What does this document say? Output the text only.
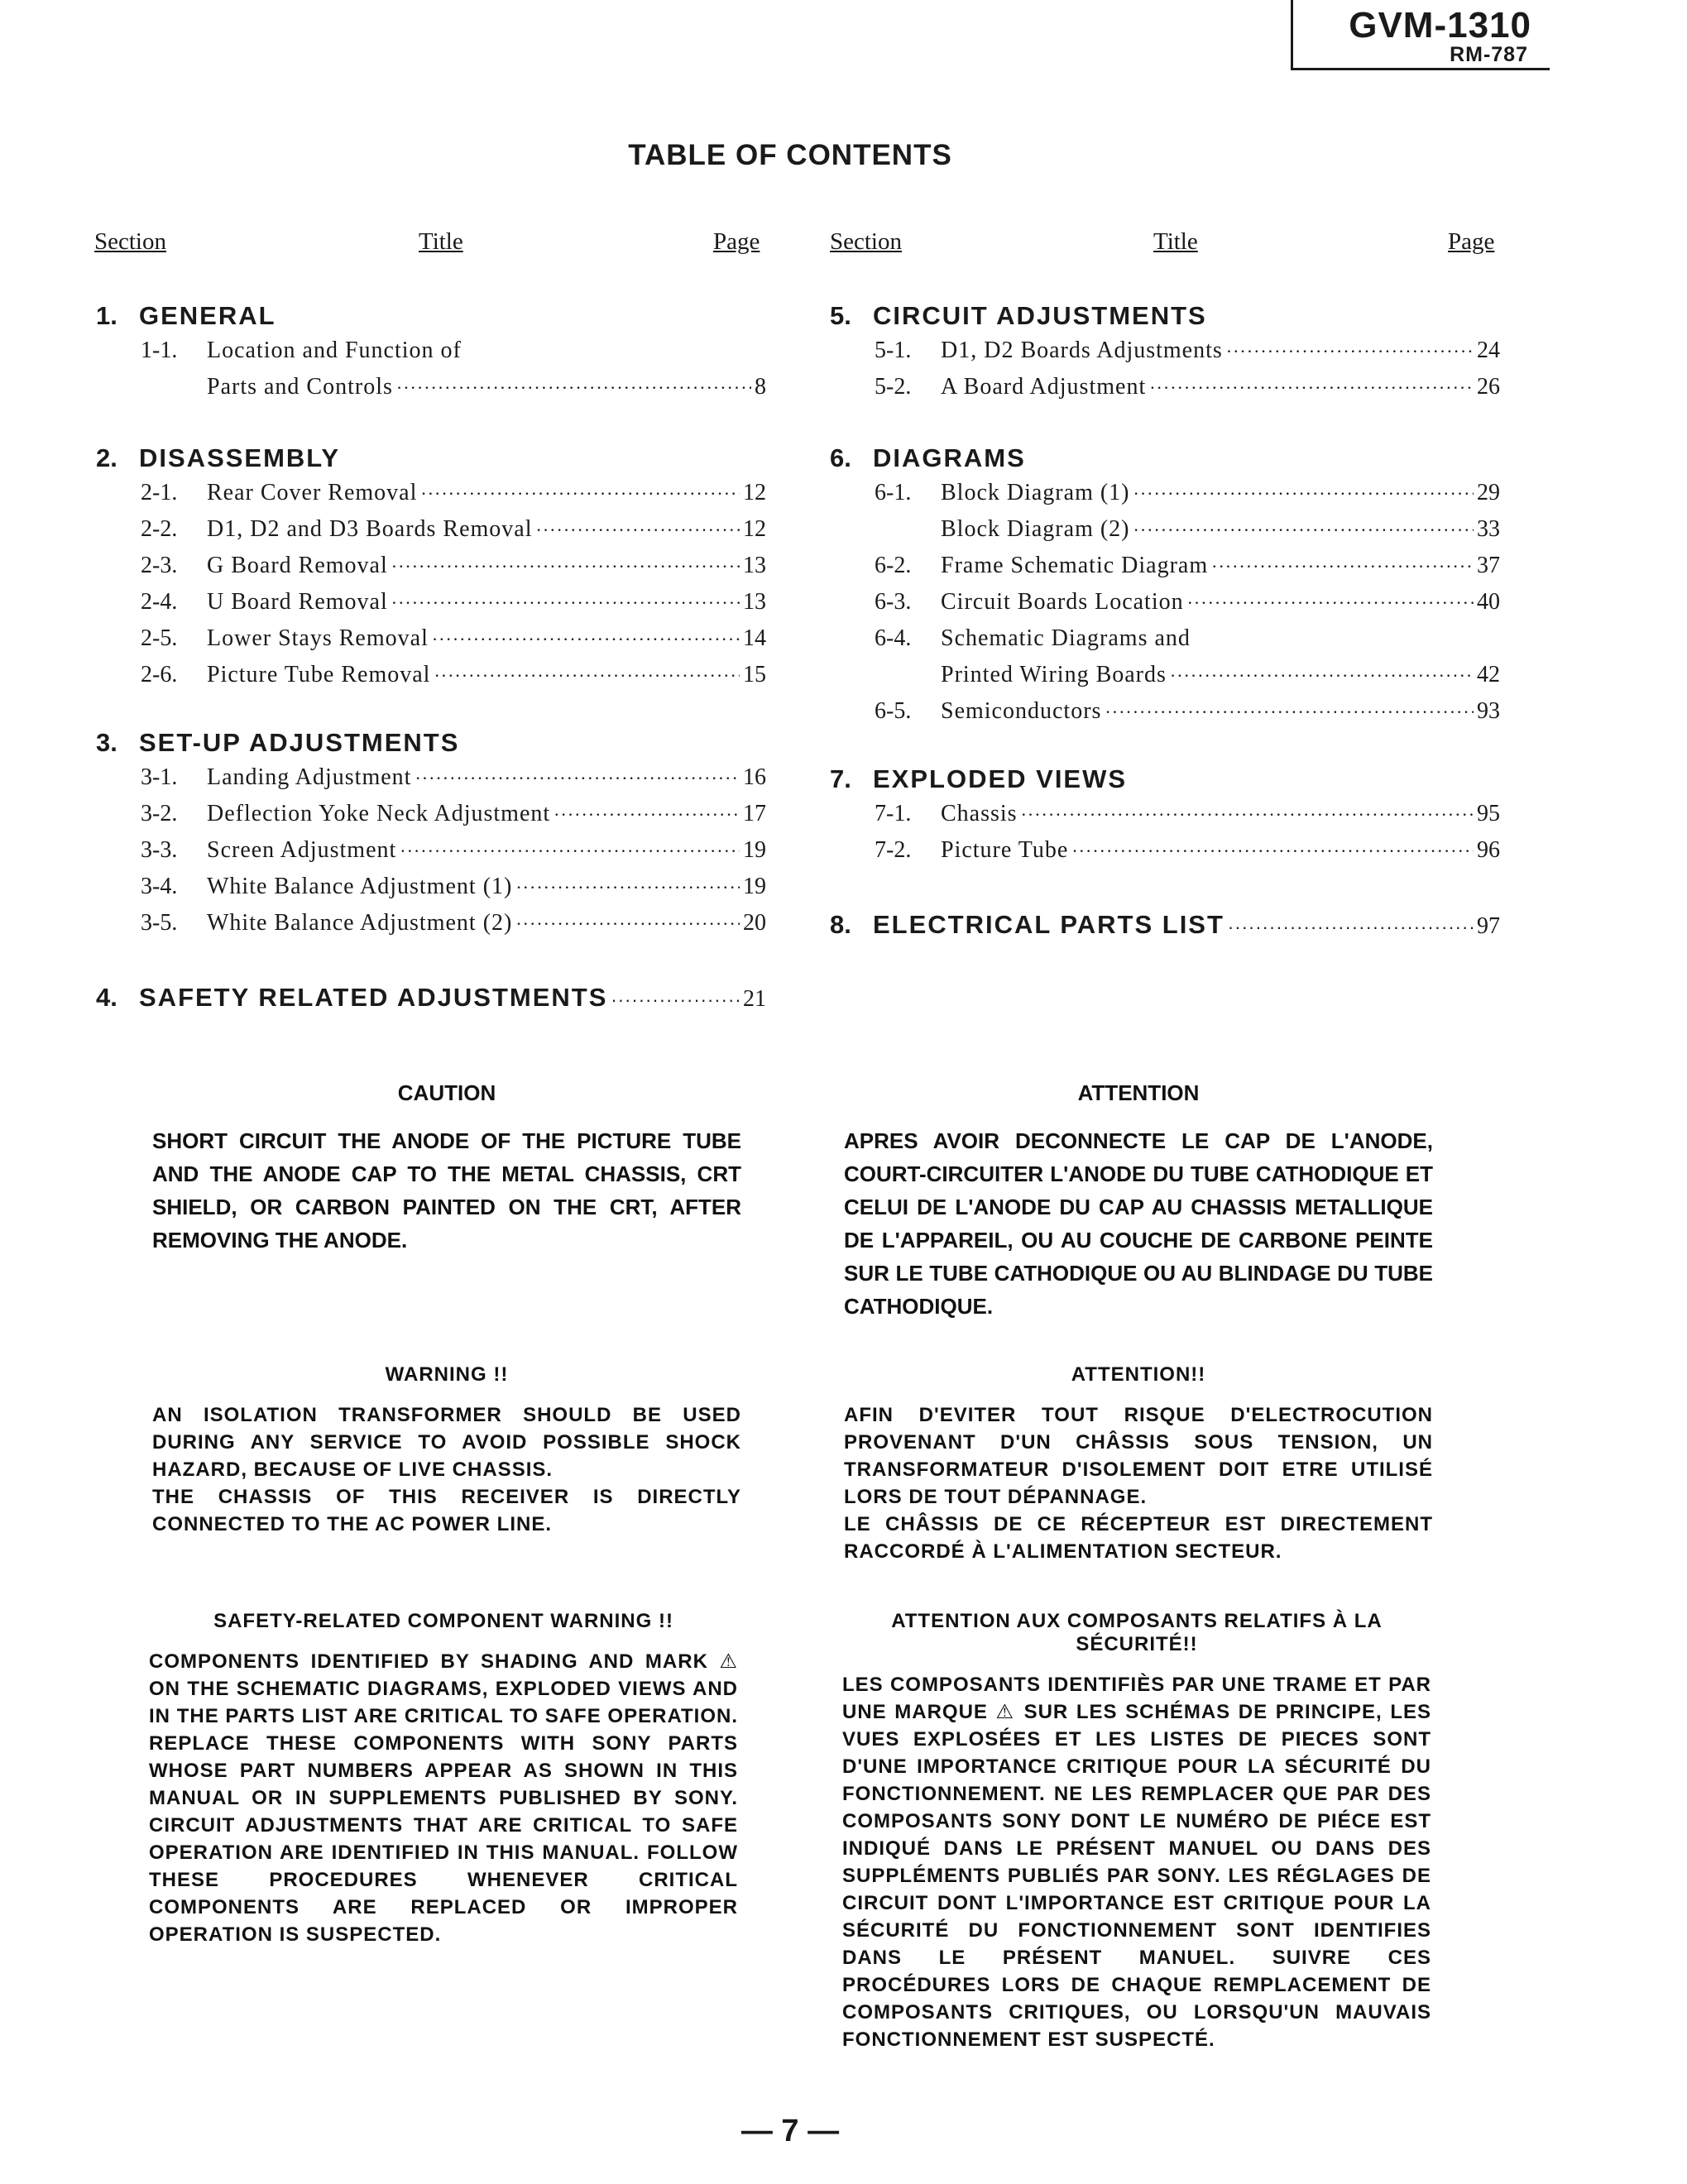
GVM-1310
RM-787
TABLE OF CONTENTS
Section	Title	Page	Section	Title	Page
1. GENERAL
1-1.	Location and Function of
Parts and Controls ·····	8
2. DISASSEMBLY
2-1.	Rear Cover Removal ·····	12
2-2.	D1, D2 and D3 Boards Removal ·····	12
2-3.	G Board Removal ·····	13
2-4.	U Board Removal ·····	13
2-5.	Lower Stays Removal ·····	14
2-6.	Picture Tube Removal ·····	15
3. SET-UP ADJUSTMENTS
3-1.	Landing Adjustment ·····	16
3-2.	Deflection Yoke Neck Adjustment ·····	17
3-3.	Screen Adjustment ·····	19
3-4.	White Balance Adjustment (1) ·····	19
3-5.	White Balance Adjustment (2) ·····	20
4. SAFETY RELATED ADJUSTMENTS ·····	21
5. CIRCUIT ADJUSTMENTS
5-1.	D1, D2 Boards Adjustments ·····	24
5-2.	A Board Adjustment ·····	26
6. DIAGRAMS
6-1.	Block Diagram (1) ·····	29
Block Diagram (2) ·····	33
6-2.	Frame Schematic Diagram ·····	37
6-3.	Circuit Boards Location ·····	40
6-4.	Schematic Diagrams and
Printed Wiring Boards ·····	42
6-5.	Semiconductors ·····	93
7. EXPLODED VIEWS
7-1.	Chassis ·····	95
7-2.	Picture Tube ·····	96
8. ELECTRICAL PARTS LIST ·····	97
CAUTION
SHORT CIRCUIT THE ANODE OF THE PICTURE TUBE AND THE ANODE CAP TO THE METAL CHASSIS, CRT SHIELD, OR CARBON PAINTED ON THE CRT, AFTER REMOVING THE ANODE.
ATTENTION
APRES AVOIR DECONNECTE LE CAP DE L'ANODE, COURT-CIRCUITER L'ANODE DU TUBE CATHODIQUE ET CELUI DE L'ANODE DU CAP AU CHASSIS METALLIQUE DE L'APPAREIL, OU AU COUCHE DE CARBONE PEINTE SUR LE TUBE CATHODIQUE OU AU BLINDAGE DU TUBE CATHODIQUE.
WARNING !!
AN ISOLATION TRANSFORMER SHOULD BE USED DURING ANY SERVICE TO AVOID POSSIBLE SHOCK HAZARD, BECAUSE OF LIVE CHASSIS.
THE CHASSIS OF THIS RECEIVER IS DIRECTLY CONNECTED TO THE AC POWER LINE.
ATTENTION!!
AFIN D'EVITER TOUT RISQUE D'ELECTROCUTION PROVENANT D'UN CHÂSSIS SOUS TENSION, UN TRANSFORMATEUR D'ISOLEMENT DOIT ETRE UTILISÉ LORS DE TOUT DÉPANNAGE.
LE CHÂSSIS DE CE RÉCEPTEUR EST DIRECTEMENT RACCORDÉ À L'ALIMENTATION SECTEUR.
SAFETY-RELATED COMPONENT WARNING !!
COMPONENTS IDENTIFIED BY SHADING AND MARK ⚠ ON THE SCHEMATIC DIAGRAMS, EXPLODED VIEWS AND IN THE PARTS LIST ARE CRITICAL TO SAFE OPERATION. REPLACE THESE COMPONENTS WITH SONY PARTS WHOSE PART NUMBERS APPEAR AS SHOWN IN THIS MANUAL OR IN SUPPLEMENTS PUBLISHED BY SONY. CIRCUIT ADJUSTMENTS THAT ARE CRITICAL TO SAFE OPERATION ARE IDENTIFIED IN THIS MANUAL. FOLLOW THESE PROCEDURES WHENEVER CRITICAL COMPONENTS ARE REPLACED OR IMPROPER OPERATION IS SUSPECTED.
ATTENTION AUX COMPOSANTS RELATIFS À LA SÉCURITÉ!!
LES COMPOSANTS IDENTIFIÈS PAR UNE TRAME ET PAR UNE MARQUE ⚠ SUR LES SCHÉMAS DE PRINCIPE, LES VUES EXPLOSÉES ET LES LISTES DE PIECES SONT D'UNE IMPORTANCE CRITIQUE POUR LA SÉCURITÉ DU FONCTIONNEMENT. NE LES REMPLACER QUE PAR DES COMPOSANTS SONY DONT LE NUMÉRO DE PIÉCE EST INDIQUÉ DANS LE PRÉSENT MANUEL OU DANS DES SUPPLÉMENTS PUBLIÉS PAR SONY. LES RÉGLAGES DE CIRCUIT DONT L'IMPORTANCE EST CRITIQUE POUR LA SÉCURITÉ DU FONCTIONNEMENT SONT IDENTIFIES DANS LE PRÉSENT MANUEL. SUIVRE CES PROCÉDURES LORS DE CHAQUE REMPLACEMENT DE COMPOSANTS CRITIQUES, OU LORSQU'UN MAUVAIS FONCTIONNEMENT EST SUSPECTÉ.
— 7 —
